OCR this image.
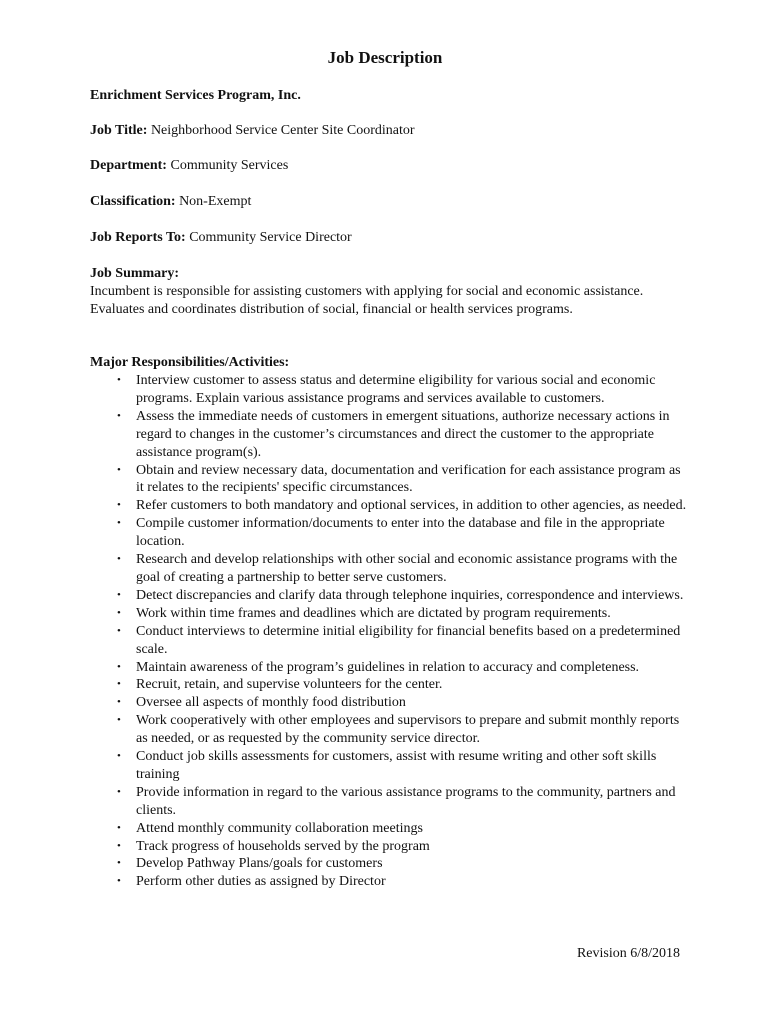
Job Description
Enrichment Services Program, Inc.
Job Title: Neighborhood Service Center Site Coordinator
Department: Community Services
Classification: Non-Exempt
Job Reports To: Community Service Director
Job Summary:
Incumbent is responsible for assisting customers with applying for social and economic assistance. Evaluates and coordinates distribution of social, financial or health services programs.
Major Responsibilities/Activities:
• Interview customer to assess status and determine eligibility for various social and economic programs. Explain various assistance programs and services available to customers.
• Assess the immediate needs of customers in emergent situations, authorize necessary actions in regard to changes in the customer’s circumstances and direct the customer to the appropriate assistance program(s).
• Obtain and review necessary data, documentation and verification for each assistance program as it relates to the recipients' specific circumstances.
• Refer customers to both mandatory and optional services, in addition to other agencies, as needed.
• Compile customer information/documents to enter into the database and file in the appropriate location.
• Research and develop relationships with other social and economic assistance programs with the goal of creating a partnership to better serve customers.
• Detect discrepancies and clarify data through telephone inquiries, correspondence and interviews.
• Work within time frames and deadlines which are dictated by program requirements.
• Conduct interviews to determine initial eligibility for financial benefits based on a predetermined scale.
• Maintain awareness of the program’s guidelines in relation to accuracy and completeness.
• Recruit, retain, and supervise volunteers for the center.
• Oversee all aspects of monthly food distribution
• Work cooperatively with other employees and supervisors to prepare and submit monthly reports as needed, or as requested by the community service director.
• Conduct job skills assessments for customers, assist with resume writing and other soft skills training
• Provide information in regard to the various assistance programs to the community, partners and clients.
• Attend monthly community collaboration meetings
• Track progress of households served by the program
• Develop Pathway Plans/goals for customers
• Perform other duties as assigned by Director
Revision 6/8/2018
